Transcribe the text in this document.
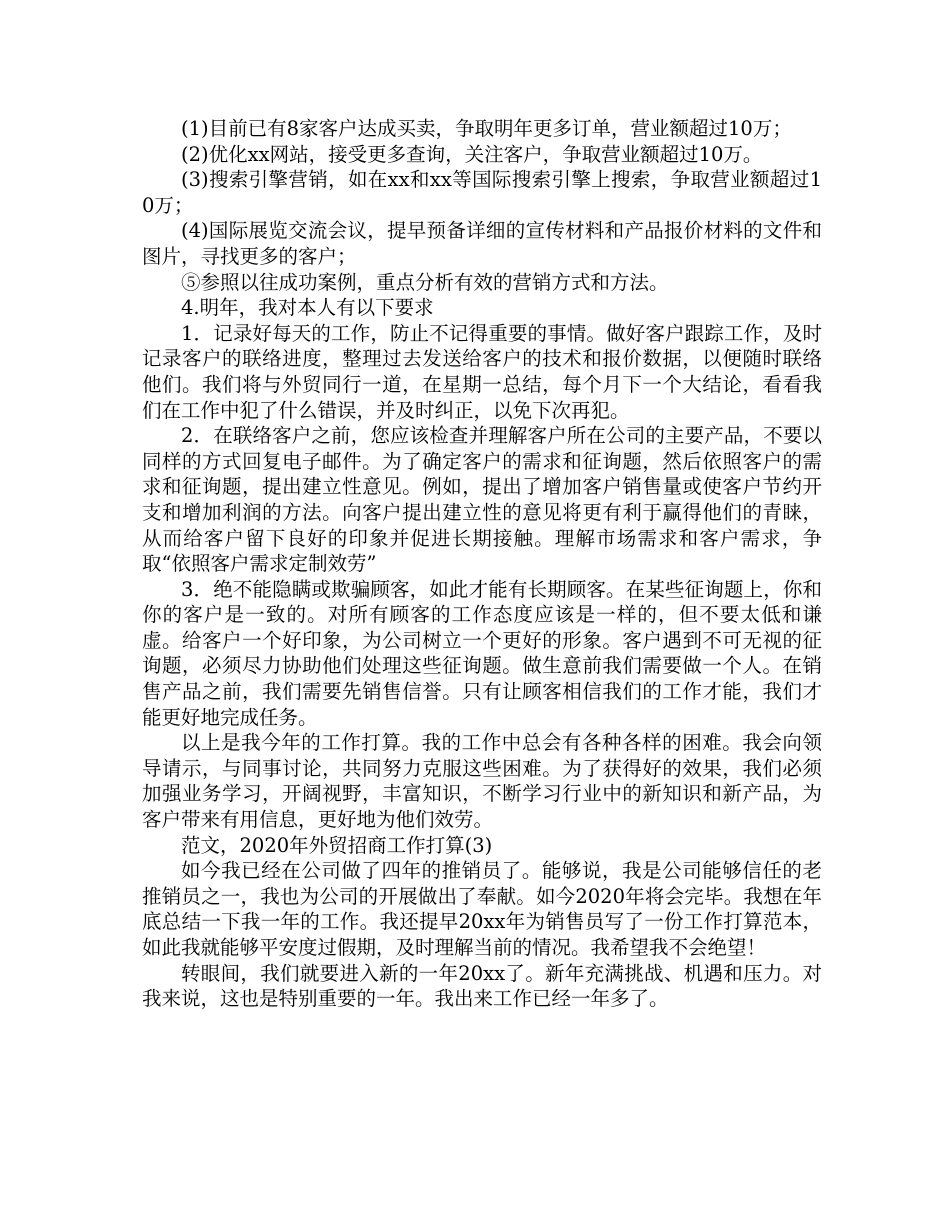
(1)目前已有8家客户达成买卖，争取明年更多订单，营业额超过10万；

(2)优化xx网站，接受更多查询，关注客户，争取营业额超过10万。

(3)搜索引擎营销，如在xx和xx等国际搜索引擎上搜索，争取营业额超过10万；

(4)国际展览交流会议，提早预备详细的宣传材料和产品报价材料的文件和图片，寻找更多的客户；

⑤参照以往成功案例，重点分析有效的营销方式和方法。

4.明年，我对本人有以下要求

1．记录好每天的工作，防止不记得重要的事情。做好客户跟踪工作，及时记录客户的联络进度，整理过去发送给客户的技术和报价数据，以便随时联络他们。我们将与外贸同行一道，在星期一总结，每个月下一个大结论，看看我们在工作中犯了什么错误，并及时纠正，以免下次再犯。

2．在联络客户之前，您应该检查并理解客户所在公司的主要产品，不要以同样的方式回复电子邮件。为了确定客户的需求和征询题，然后依照客户的需求和征询题，提出建立性意见。例如，提出了增加客户销售量或使客户节约开支和增加利润的方法。向客户提出建立性的意见将更有利于赢得他们的青睐，从而给客户留下良好的印象并促进长期接触。理解市场需求和客户需求，争取“依照客户需求定制效劳”

3．绝不能隐瞒或欺骗顾客，如此才能有长期顾客。在某些征询题上，你和你的客户是一致的。对所有顾客的工作态度应该是一样的，但不要太低和谦虚。给客户一个好印象，为公司树立一个更好的形象。客户遇到不可无视的征询题，必须尽力协助他们处理这些征询题。做生意前我们需要做一个人。在销售产品之前，我们需要先销售信誉。只有让顾客相信我们的工作才能，我们才能更好地完成任务。

以上是我今年的工作打算。我的工作中总会有各种各样的困难。我会向领导请示，与同事讨论，共同努力克服这些困难。为了获得好的效果，我们必须加强业务学习，开阔视野，丰富知识，不断学习行业中的新知识和新产品，为客户带来有用信息，更好地为他们效劳。

范文，2020年外贸招商工作打算(3)

如今我已经在公司做了四年的推销员了。能够说，我是公司能够信任的老推销员之一，我也为公司的开展做出了奉献。如今2020年将会完毕。我想在年底总结一下我一年的工作。我还提早20xx年为销售员写了一份工作打算范本，如此我就能够平安度过假期，及时理解当前的情况。我希望我不会绝望！

转眼间，我们就要进入新的一年20xx了。新年充满挑战、机遇和压力。对我来说，这也是特别重要的一年。我出来工作已经一年多了。
